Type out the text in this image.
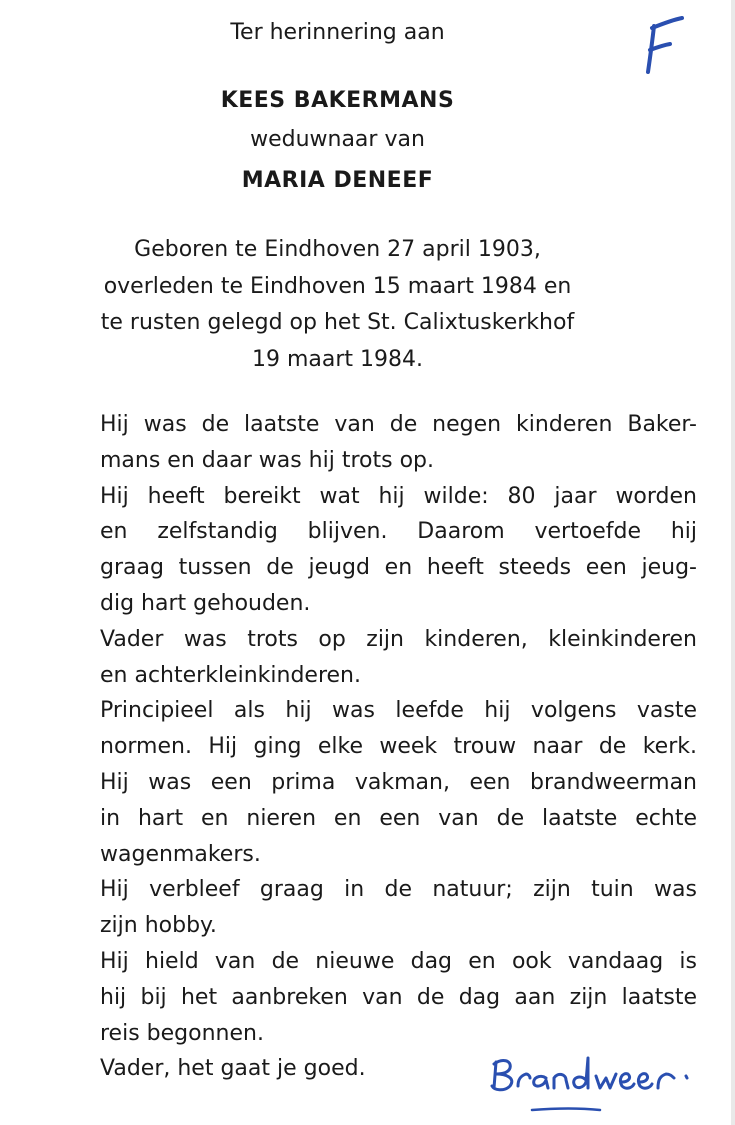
Ter herinnering aan
KEES BAKERMANS
weduwnaar van
MARIA DENEEF
Geboren te Eindhoven 27 april 1903,
overleden te Eindhoven 15 maart 1984 en
te rusten gelegd op het St. Calixtuskerkhof
19 maart 1984.
Hij was de laatste van de negen kinderen Baker-
mans en daar was hij trots op.
Hij heeft bereikt wat hij wilde: 80 jaar worden
en zelfstandig blijven. Daarom vertoefde hij
graag tussen de jeugd en heeft steeds een jeug-
dig hart gehouden.
Vader was trots op zijn kinderen, kleinkinderen
en achterkleinkinderen.
Principieel als hij was leefde hij volgens vaste
normen. Hij ging elke week trouw naar de kerk.
Hij was een prima vakman, een brandweerman
in hart en nieren en een van de laatste echte
wagenmakers.
Hij verbleef graag in de natuur; zijn tuin was
zijn hobby.
Hij hield van de nieuwe dag en ook vandaag is
hij bij het aanbreken van de dag aan zijn laatste
reis begonnen.
Vader, het gaat je goed.
